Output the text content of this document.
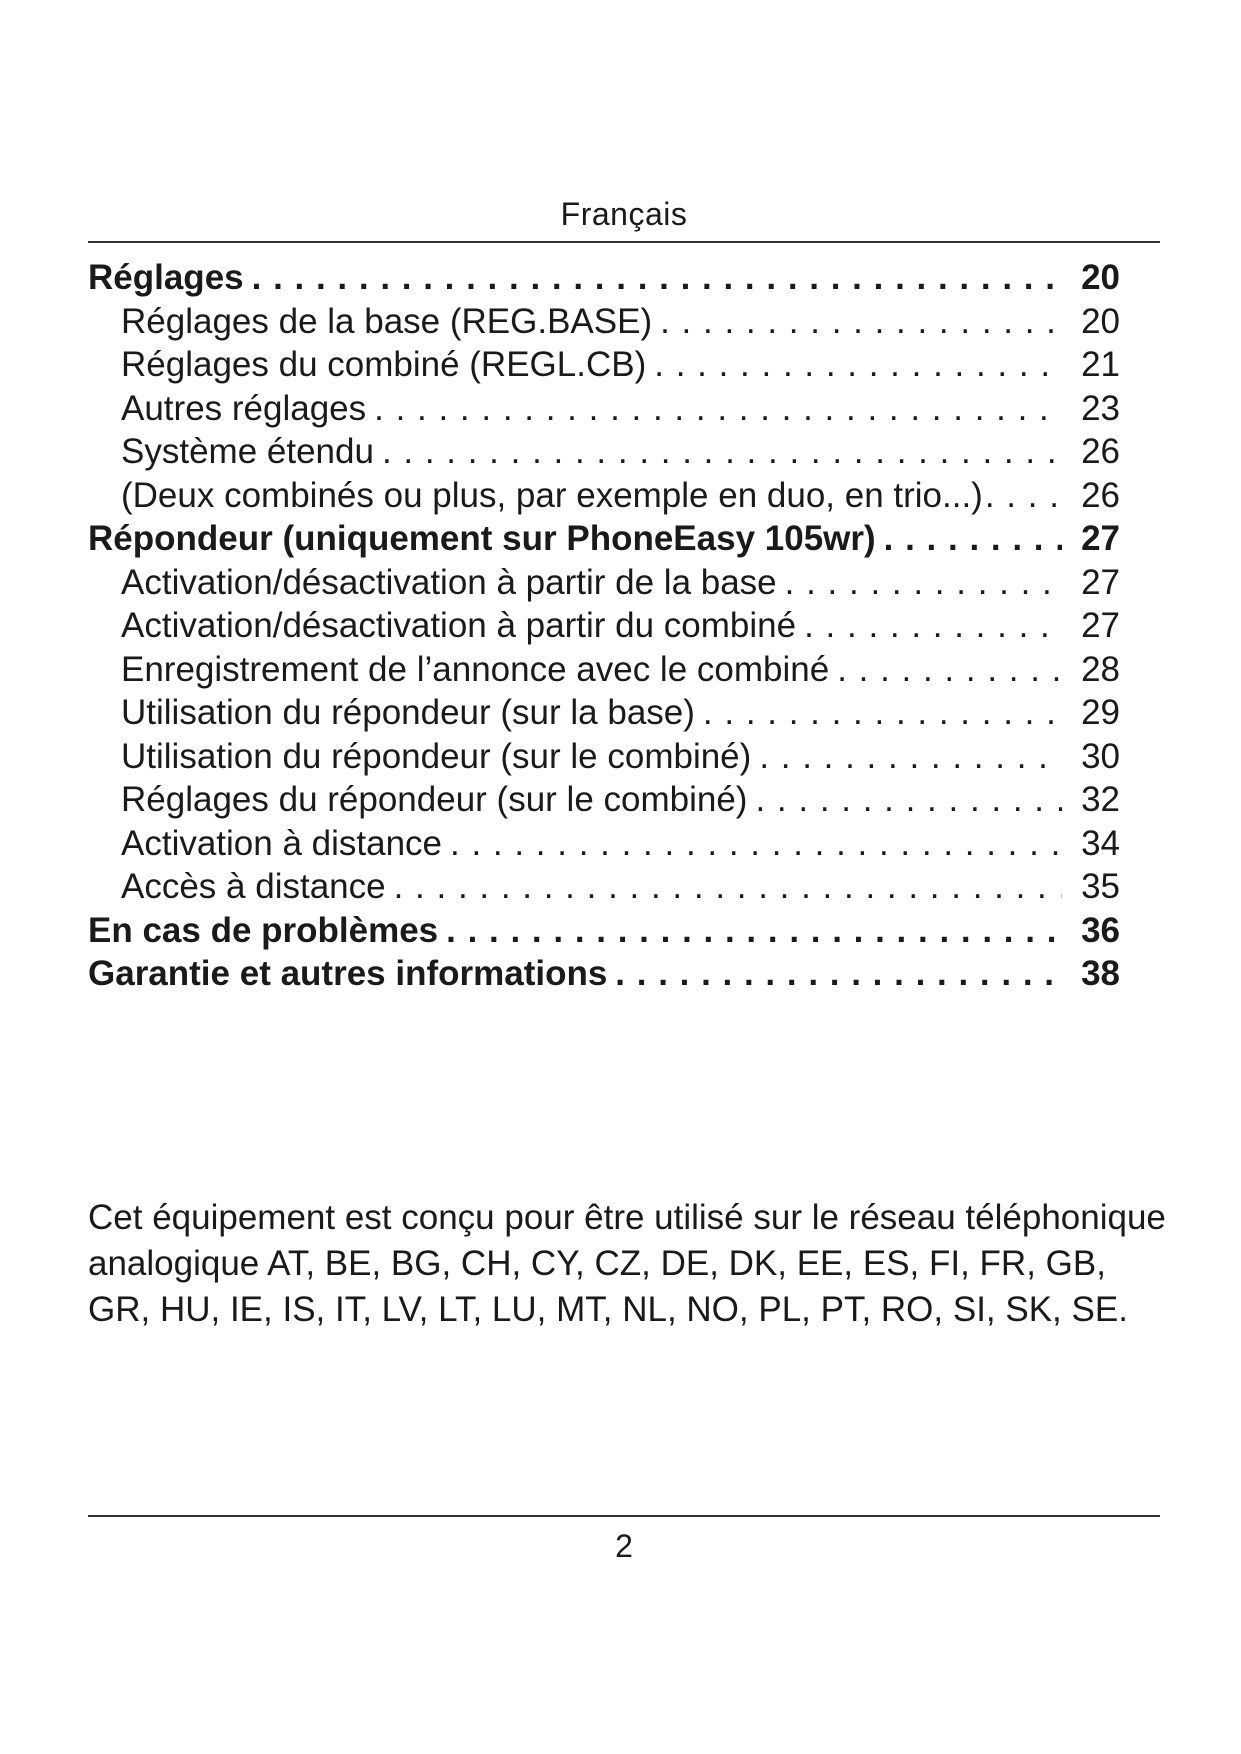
Français
Réglages . . .	20
Réglages de la base (REG.BASE) . . .	20
Réglages du combiné (REGL.CB) . . .	21
Autres réglages . . .	23
Système étendu . . .	26
(Deux combinés ou plus, par exemple en duo, en trio...) . . .	26
Répondeur (uniquement sur PhoneEasy 105wr) . . .	27
Activation/désactivation à partir de la base . . .	27
Activation/désactivation à partir du combiné . . .	27
Enregistrement de l’annonce avec le combiné . . .	28
Utilisation du répondeur (sur la base) . . .	29
Utilisation du répondeur (sur le combiné) . . .	30
Réglages du répondeur (sur le combiné) . . .	32
Activation à distance . . .	34
Accès à distance . . .	35
En cas de problèmes . . .	36
Garantie et autres informations . . .	38

Cet équipement est conçu pour être utilisé sur le réseau téléphonique analogique AT, BE, BG, CH, CY, CZ, DE, DK, EE, ES, FI, FR, GB, GR, HU, IE, IS, IT, LV, LT, LU, MT, NL, NO, PL, PT, RO, SI, SK, SE.

2
